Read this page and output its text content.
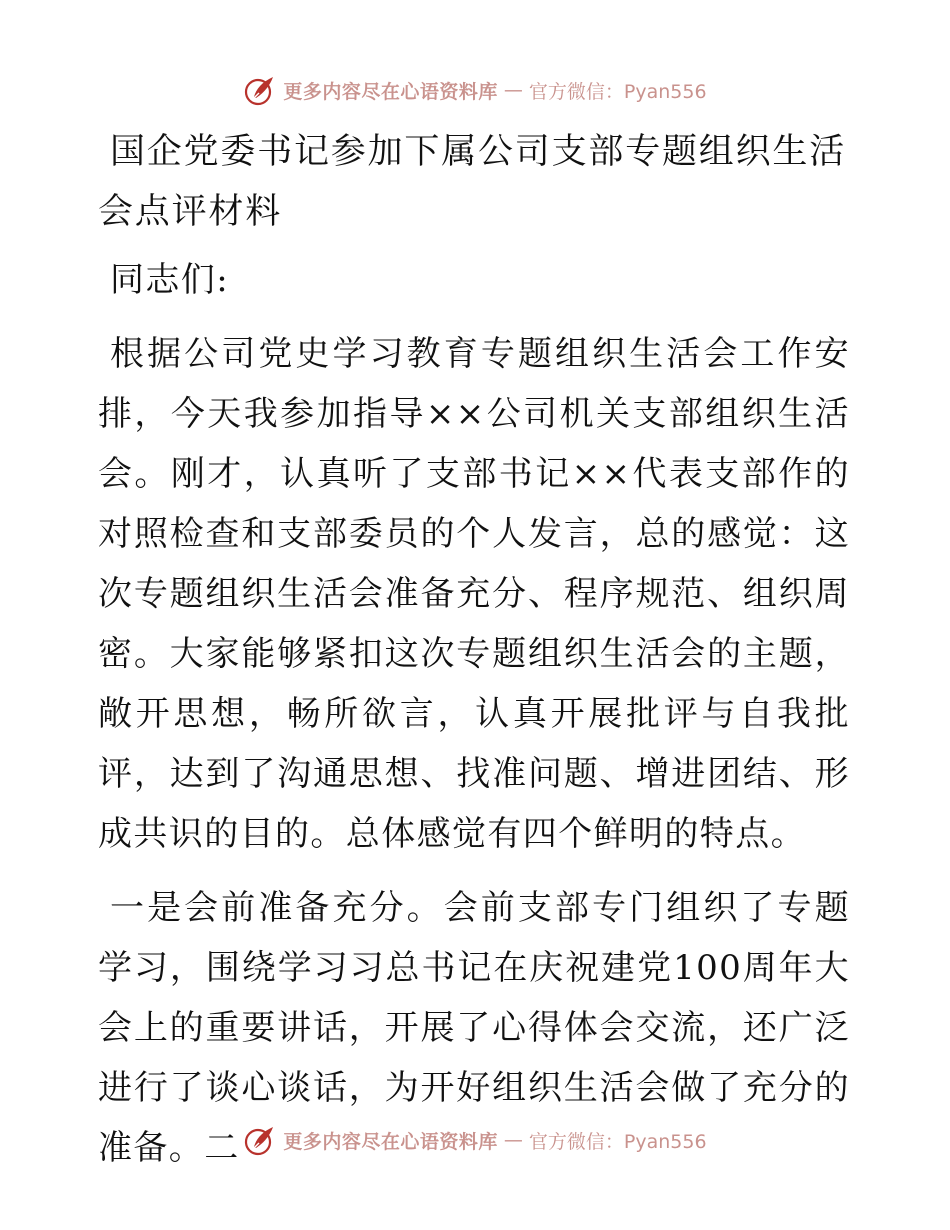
更多内容尽在心语资料库 — 官方微信：Pyan556
国企党委书记参加下属公司支部专题组织生活会点评材料

同志们:

根据公司党史学习教育专题组织生活会工作安排，今天我参加指导××公司机关支部组织生活会。刚才，认真听了支部书记××代表支部作的对照检查和支部委员的个人发言，总的感觉：这次专题组织生活会准备充分、程序规范、组织周密。大家能够紧扣这次专题组织生活会的主题，敞开思想，畅所欲言，认真开展批评与自我批评，达到了沟通思想、找准问题、增进团结、形成共识的目的。总体感觉有四个鲜明的特点。

一是会前准备充分。会前支部专门组织了专题学习，围绕学习习总书记在庆祝建党100周年大会上的重要讲话，开展了心得体会交流，还广泛进行了谈心谈话，为开好组织生活会做了充分的准备。二	更多内容尽在心语资料库 — 官方微信：Pyan556
